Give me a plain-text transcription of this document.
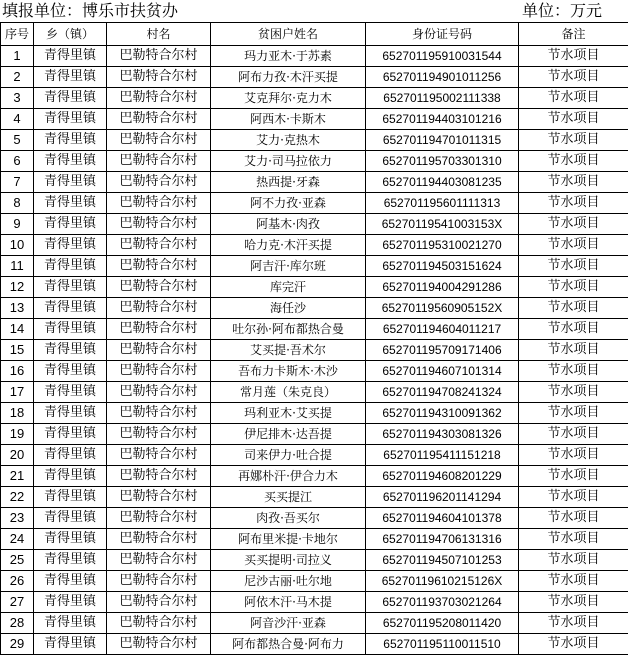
填报单位：博乐市扶贫办	单位：万元
序号	乡（镇）	村名	贫困户姓名	身份证号码	备注
1	青得里镇	巴勒特合尔村	玛力亚木·于苏素	652701195910031544	节水项目
2	青得里镇	巴勒特合尔村	阿布力孜·木汗买提	652701194901011256	节水项目
3	青得里镇	巴勒特合尔村	艾克拜尔·克力木	652701195002111338	节水项目
4	青得里镇	巴勒特合尔村	阿西木·卡斯木	652701194403101216	节水项目
5	青得里镇	巴勒特合尔村	艾力·克热木	652701194701011315	节水项目
6	青得里镇	巴勒特合尔村	艾力·司马拉依力	652701195703301310	节水项目
7	青得里镇	巴勒特合尔村	热西提·牙森	652701194403081235	节水项目
8	青得里镇	巴勒特合尔村	阿不力孜·亚森	652701195601111313	节水项目
9	青得里镇	巴勒特合尔村	阿基木·肉孜	65270119541003153X	节水项目
10	青得里镇	巴勒特合尔村	哈力克·木汗买提	652701195310021270	节水项目
11	青得里镇	巴勒特合尔村	阿吉汗·库尔班	652701194503151624	节水项目
12	青得里镇	巴勒特合尔村	库完汗	652701194004291286	节水项目
13	青得里镇	巴勒特合尔村	海任沙	65270119560905152X	节水项目
14	青得里镇	巴勒特合尔村	吐尔孙·阿布都热合曼	652701194604011217	节水项目
15	青得里镇	巴勒特合尔村	艾买提·吾术尔	652701195709171406	节水项目
16	青得里镇	巴勒特合尔村	吾布力卡斯木·木沙	652701194607101314	节水项目
17	青得里镇	巴勒特合尔村	常月莲（朱克良）	652701194708241324	节水项目
18	青得里镇	巴勒特合尔村	玛利亚木·艾买提	652701194310091362	节水项目
19	青得里镇	巴勒特合尔村	伊尼排木·达吾提	652701194303081326	节水项目
20	青得里镇	巴勒特合尔村	司来伊力·吐合提	652701195411151218	节水项目
21	青得里镇	巴勒特合尔村	再娜朴汗·伊合力木	652701194608201229	节水项目
22	青得里镇	巴勒特合尔村	买买提江	652701196201141294	节水项目
23	青得里镇	巴勒特合尔村	肉孜·吾买尔	652701194604101378	节水项目
24	青得里镇	巴勒特合尔村	阿布里米提·卡地尔	652701194706131316	节水项目
25	青得里镇	巴勒特合尔村	买买提明·司拉义	652701194507101253	节水项目
26	青得里镇	巴勒特合尔村	尼沙古丽·吐尔地	65270119610215126X	节水项目
27	青得里镇	巴勒特合尔村	阿依木汗·马木提	652701193703021264	节水项目
28	青得里镇	巴勒特合尔村	阿音沙汗·亚森	652701195208011420	节水项目
29	青得里镇	巴勒特合尔村	阿布都热合曼·阿布力	652701195110011510	节水项目
